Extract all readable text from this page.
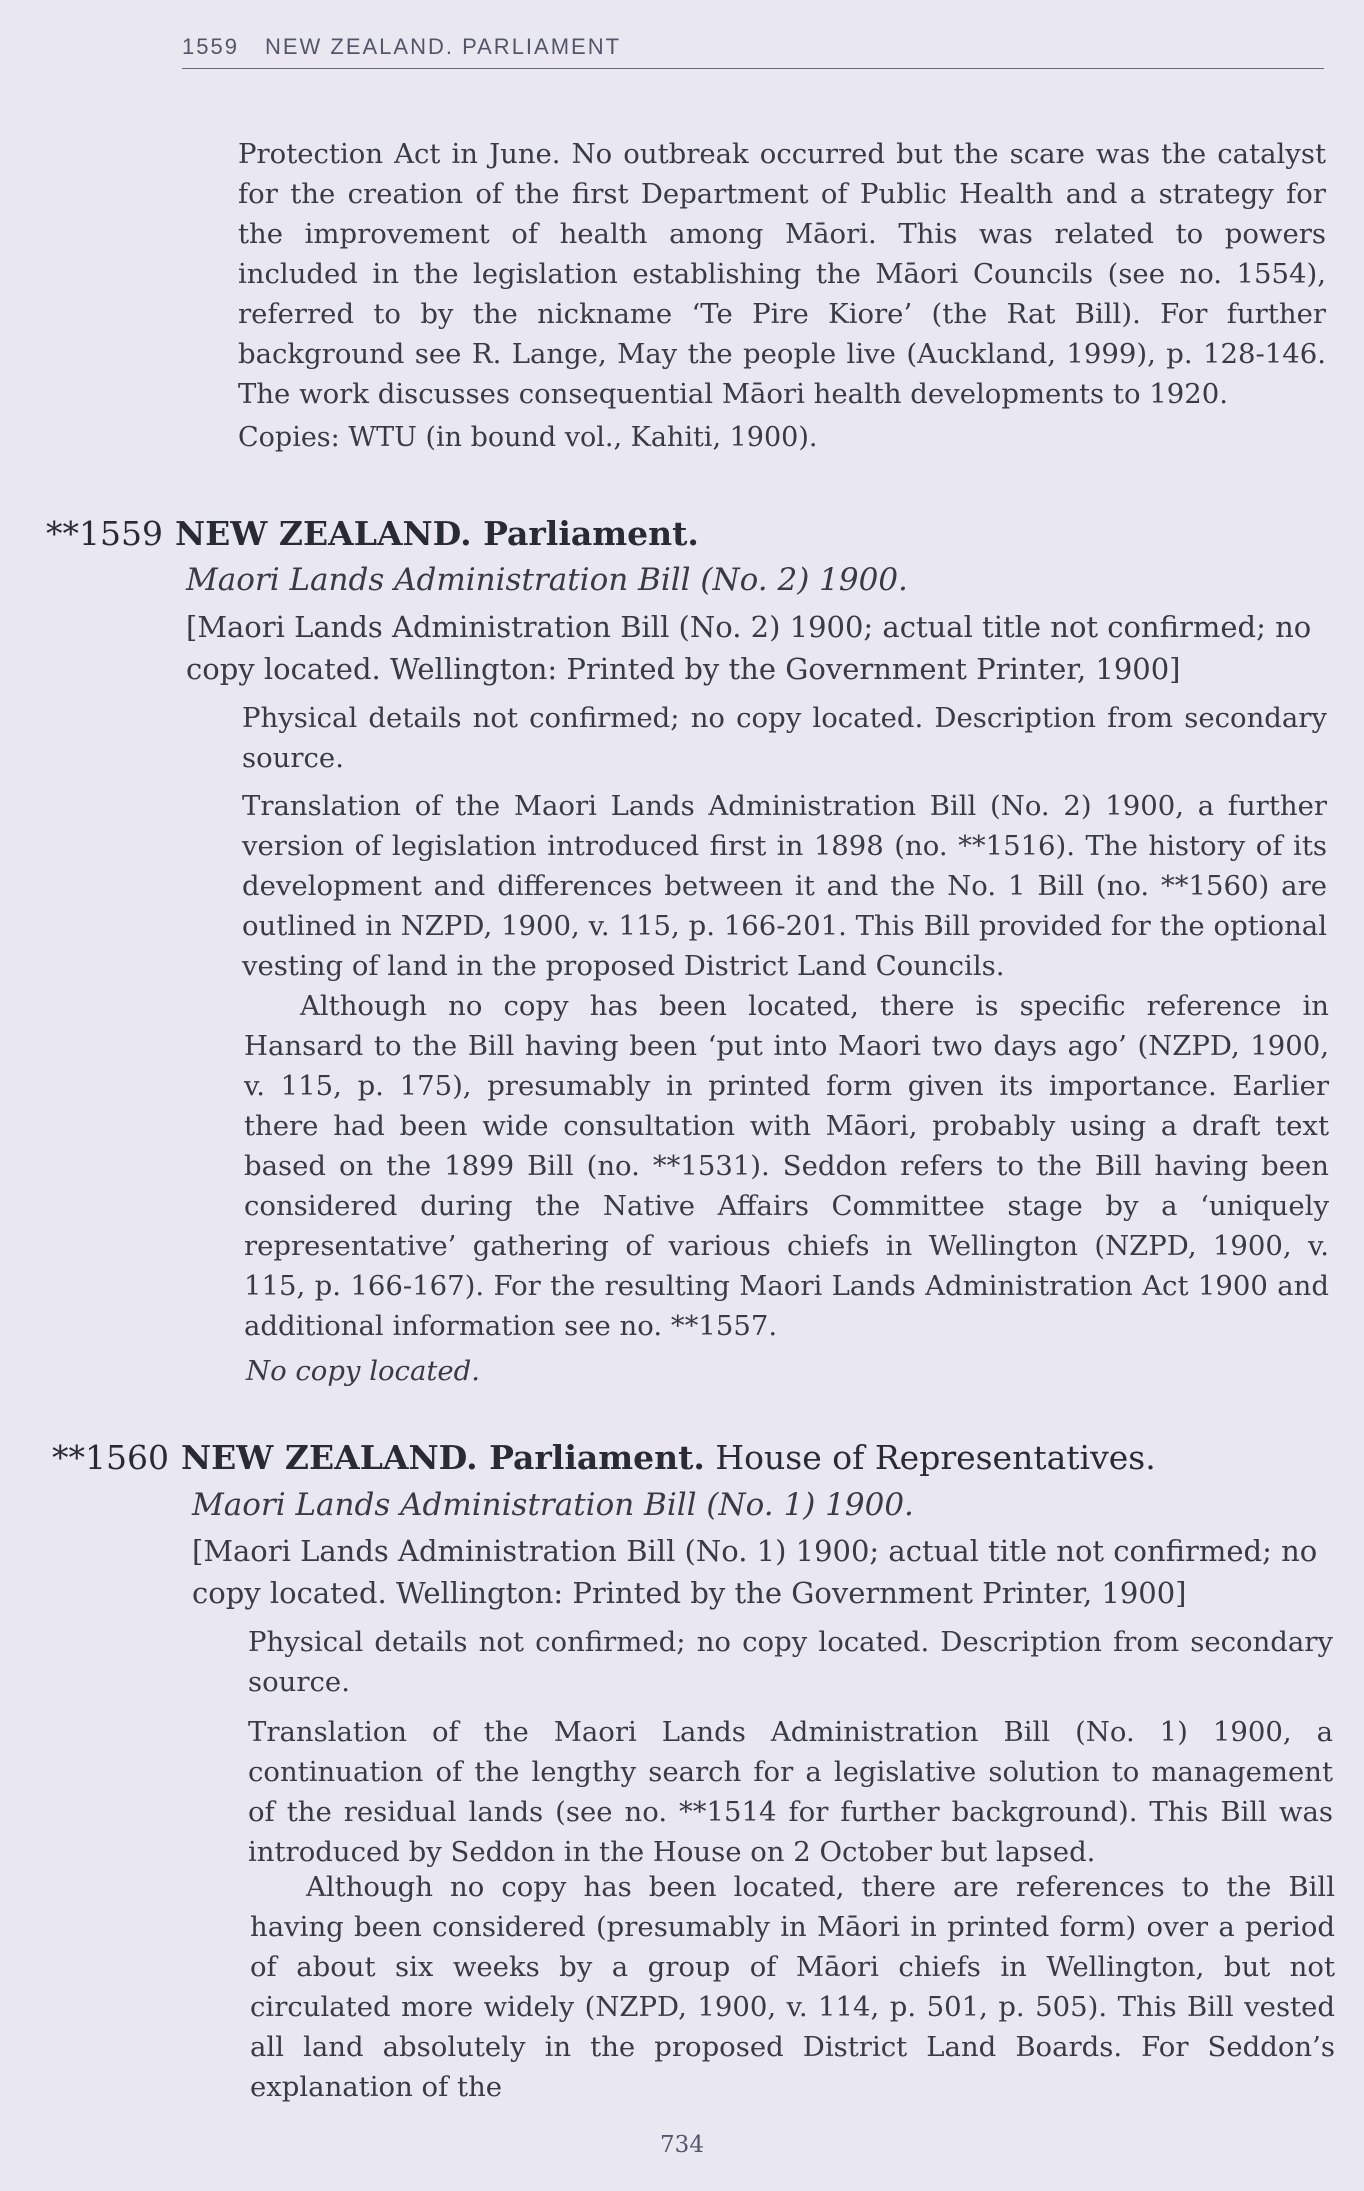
1559 NEW ZEALAND. PARLIAMENT
Protection Act in June. No outbreak occurred but the scare was the catalyst for the creation of the first Department of Public Health and a strategy for the improvement of health among Māori. This was related to powers included in the legislation establishing the Māori Councils (see no. 1554), referred to by the nickname ‘Te Pire Kiore’ (the Rat Bill). For further background see R. Lange, May the people live (Auckland, 1999), p. 128-146. The work discusses consequential Māori health developments to 1920.
Copies: WTU (in bound vol., Kahiti, 1900).
**1559 NEW ZEALAND. Parliament.
Maori Lands Administration Bill (No. 2) 1900.
[Maori Lands Administration Bill (No. 2) 1900; actual title not confirmed; no copy located. Wellington: Printed by the Government Printer, 1900]
Physical details not confirmed; no copy located. Description from secondary source.
Translation of the Maori Lands Administration Bill (No. 2) 1900, a further version of legislation introduced first in 1898 (no. **1516). The history of its development and differences between it and the No. 1 Bill (no. **1560) are outlined in NZPD, 1900, v. 115, p. 166-201. This Bill provided for the optional vesting of land in the proposed District Land Councils.
Although no copy has been located, there is specific reference in Hansard to the Bill having been ‘put into Maori two days ago’ (NZPD, 1900, v. 115, p. 175), presumably in printed form given its importance. Earlier there had been wide consultation with Māori, probably using a draft text based on the 1899 Bill (no. **1531). Seddon refers to the Bill having been considered during the Native Affairs Committee stage by a ‘uniquely representative’ gathering of various chiefs in Wellington (NZPD, 1900, v. 115, p. 166-167). For the resulting Maori Lands Administration Act 1900 and additional information see no. **1557.
No copy located.
**1560 NEW ZEALAND. Parliament. House of Representatives.
Maori Lands Administration Bill (No. 1) 1900.
[Maori Lands Administration Bill (No. 1) 1900; actual title not confirmed; no copy located. Wellington: Printed by the Government Printer, 1900]
Physical details not confirmed; no copy located. Description from secondary source.
Translation of the Maori Lands Administration Bill (No. 1) 1900, a continuation of the lengthy search for a legislative solution to management of the residual lands (see no. **1514 for further background). This Bill was introduced by Seddon in the House on 2 October but lapsed.
Although no copy has been located, there are references to the Bill having been considered (presumably in Māori in printed form) over a period of about six weeks by a group of Māori chiefs in Wellington, but not circulated more widely (NZPD, 1900, v. 114, p. 501, p. 505). This Bill vested all land absolutely in the proposed District Land Boards. For Seddon’s explanation of the
734
